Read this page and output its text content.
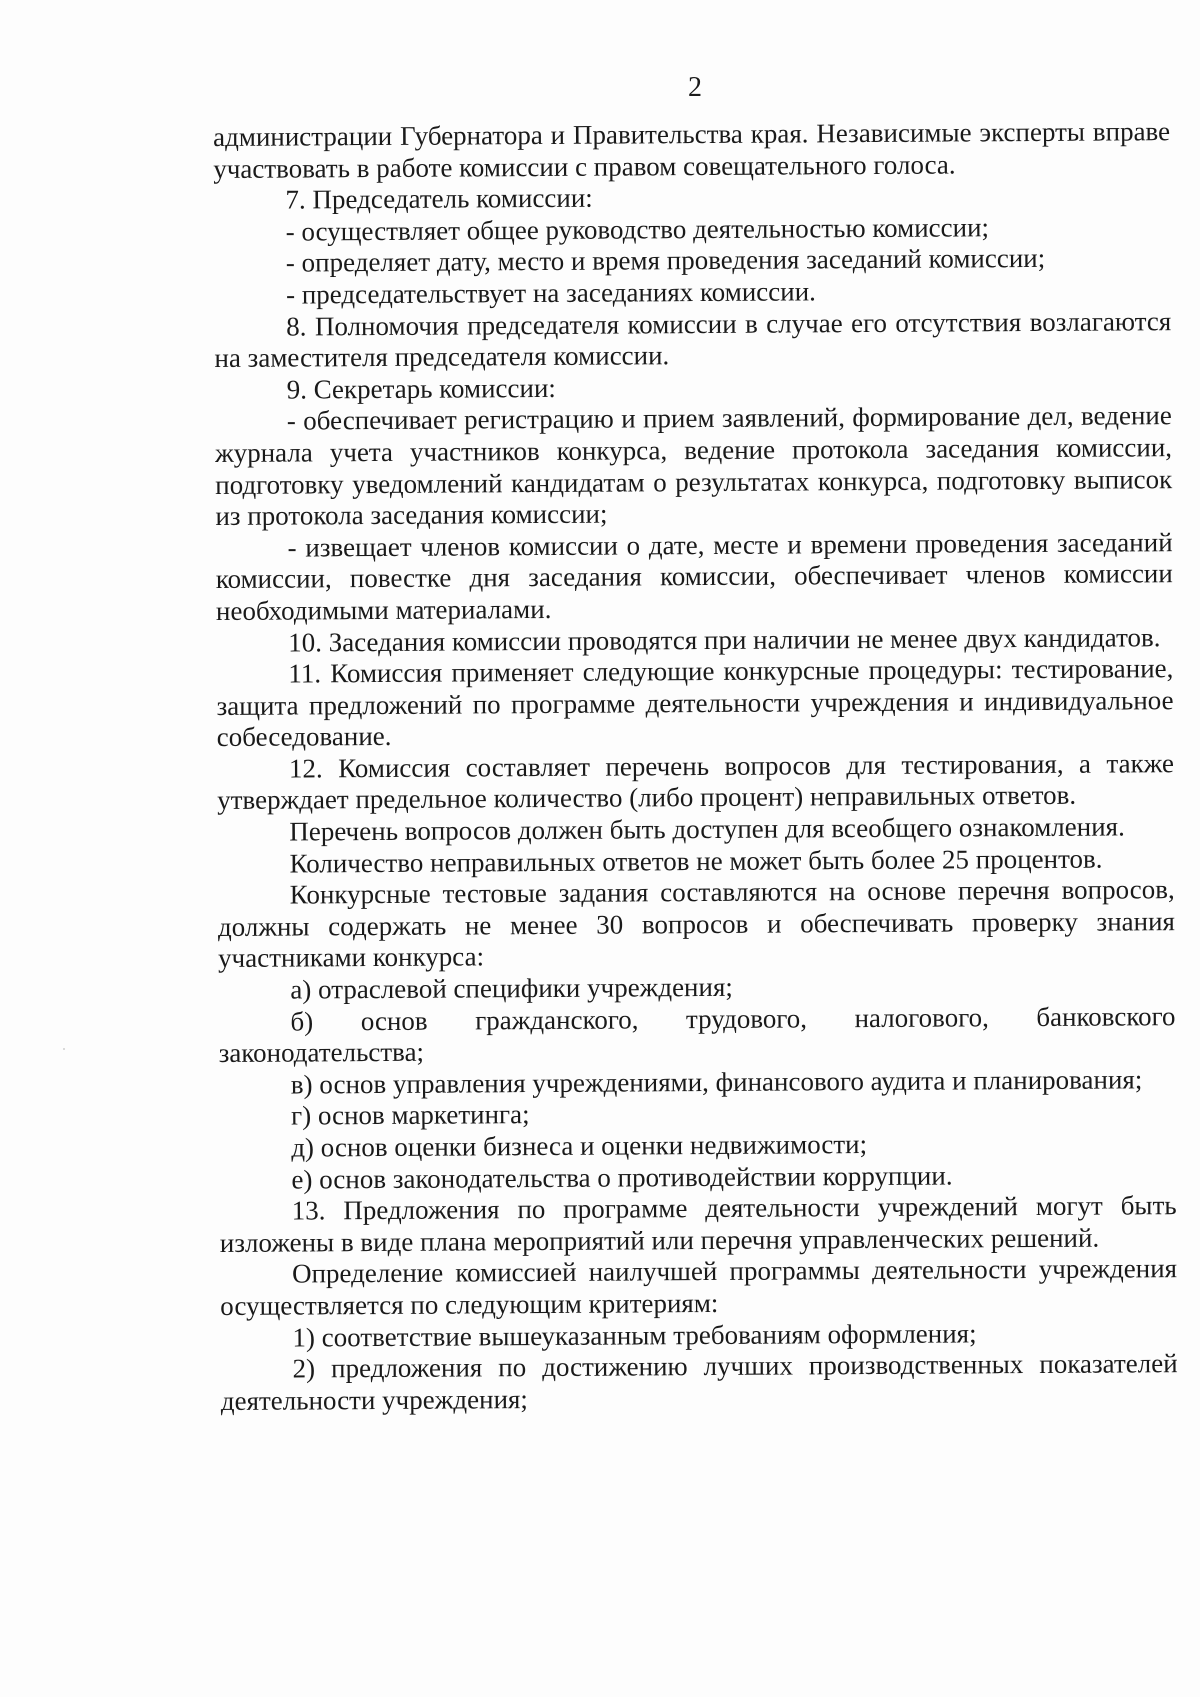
2

администрации Губернатора и Правительства края. Независимые эксперты вправе участвовать в работе комиссии с правом совещательного голоса.

7. Председатель комиссии:

- осуществляет общее руководство деятельностью комиссии;

- определяет дату, место и время проведения заседаний комиссии;

- председательствует на заседаниях комиссии.

8. Полномочия председателя комиссии в случае его отсутствия возлагаются на заместителя председателя комиссии.

9. Секретарь комиссии:

- обеспечивает регистрацию и прием заявлений, формирование дел, ведение журнала учета участников конкурса, ведение протокола заседания комиссии, подготовку уведомлений кандидатам о результатах конкурса, подготовку выписок из протокола заседания комиссии;

- извещает членов комиссии о дате, месте и времени проведения заседаний комиссии, повестке дня заседания комиссии, обеспечивает членов комиссии необходимыми материалами.

10. Заседания комиссии проводятся при наличии не менее двух кандидатов.

11. Комиссия применяет следующие конкурсные процедуры: тестирование, защита предложений по программе деятельности учреждения и индивидуальное собеседование.

12. Комиссия составляет перечень вопросов для тестирования, а также утверждает предельное количество (либо процент) неправильных ответов.

Перечень вопросов должен быть доступен для всеобщего ознакомления.

Количество неправильных ответов не может быть более 25 процентов.

Конкурсные тестовые задания составляются на основе перечня вопросов, должны содержать не менее 30 вопросов и обеспечивать проверку знания участниками конкурса:

а) отраслевой специфики учреждения;

б) основ гражданского, трудового, налогового, банковского законодательства;

в) основ управления учреждениями, финансового аудита и планирования;

г) основ маркетинга;

д) основ оценки бизнеса и оценки недвижимости;

е) основ законодательства о противодействии коррупции.

13. Предложения по программе деятельности учреждений могут быть изложены в виде плана мероприятий или перечня управленческих решений.

Определение комиссией наилучшей программы деятельности учреждения осуществляется по следующим критериям:

1) соответствие вышеуказанным требованиям оформления;

2) предложения по достижению лучших производственных показателей деятельности учреждения;
